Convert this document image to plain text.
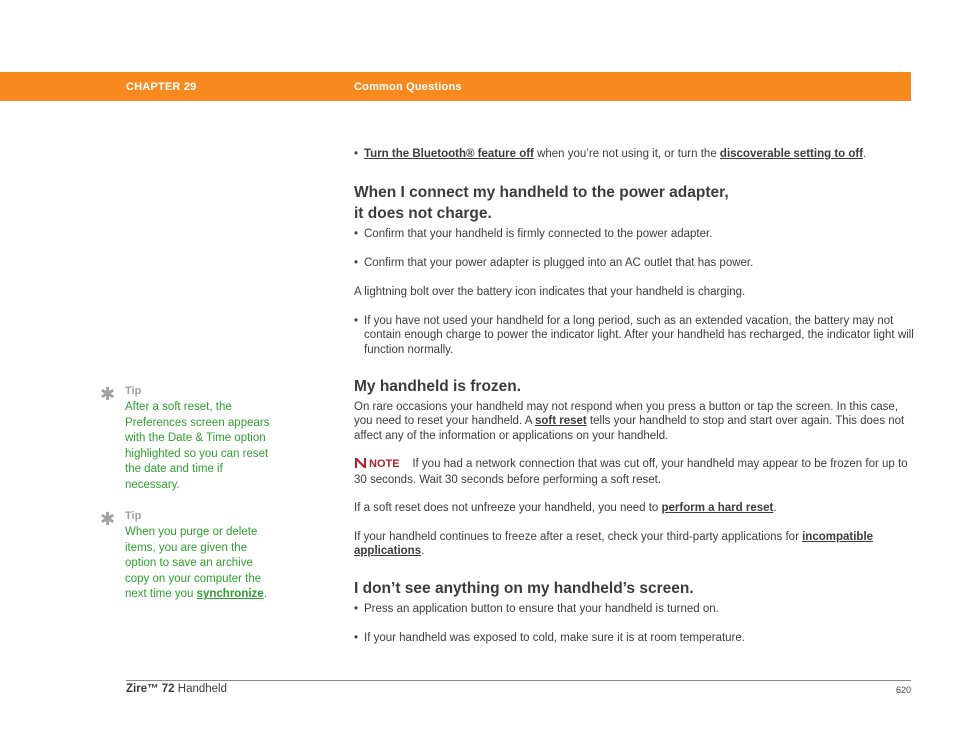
CHAPTER 29	Common Questions

• Turn the Bluetooth® feature off when you’re not using it, or turn the discoverable setting to off.

When I connect my handheld to the power adapter,
it does not charge.

• Confirm that your handheld is firmly connected to the power adapter.

• Confirm that your power adapter is plugged into an AC outlet that has power.

A lightning bolt over the battery icon indicates that your handheld is charging.

• If you have not used your handheld for a long period, such as an extended vacation, the battery may not contain enough charge to power the indicator light. After your handheld has recharged, the indicator light will function normally.

My handheld is frozen.

On rare occasions your handheld may not respond when you press a button or tap the screen. In this case, you need to reset your handheld. A soft reset tells your handheld to stop and start over again. This does not affect any of the information or applications on your handheld.

NOTE If you had a network connection that was cut off, your handheld may appear to be frozen for up to 30 seconds. Wait 30 seconds before performing a soft reset.

If a soft reset does not unfreeze your handheld, you need to perform a hard reset.

If your handheld continues to freeze after a reset, check your third-party applications for incompatible applications.

I don’t see anything on my handheld’s screen.

• Press an application button to ensure that your handheld is turned on.

• If your handheld was exposed to cold, make sure it is at room temperature.

✱ Tip

After a soft reset, the Preferences screen appears with the Date & Time option highlighted so you can reset the date and time if necessary.

✱ Tip

When you purge or delete items, you are given the option to save an archive copy on your computer the next time you synchronize.

Zire™ 72 Handheld	620
